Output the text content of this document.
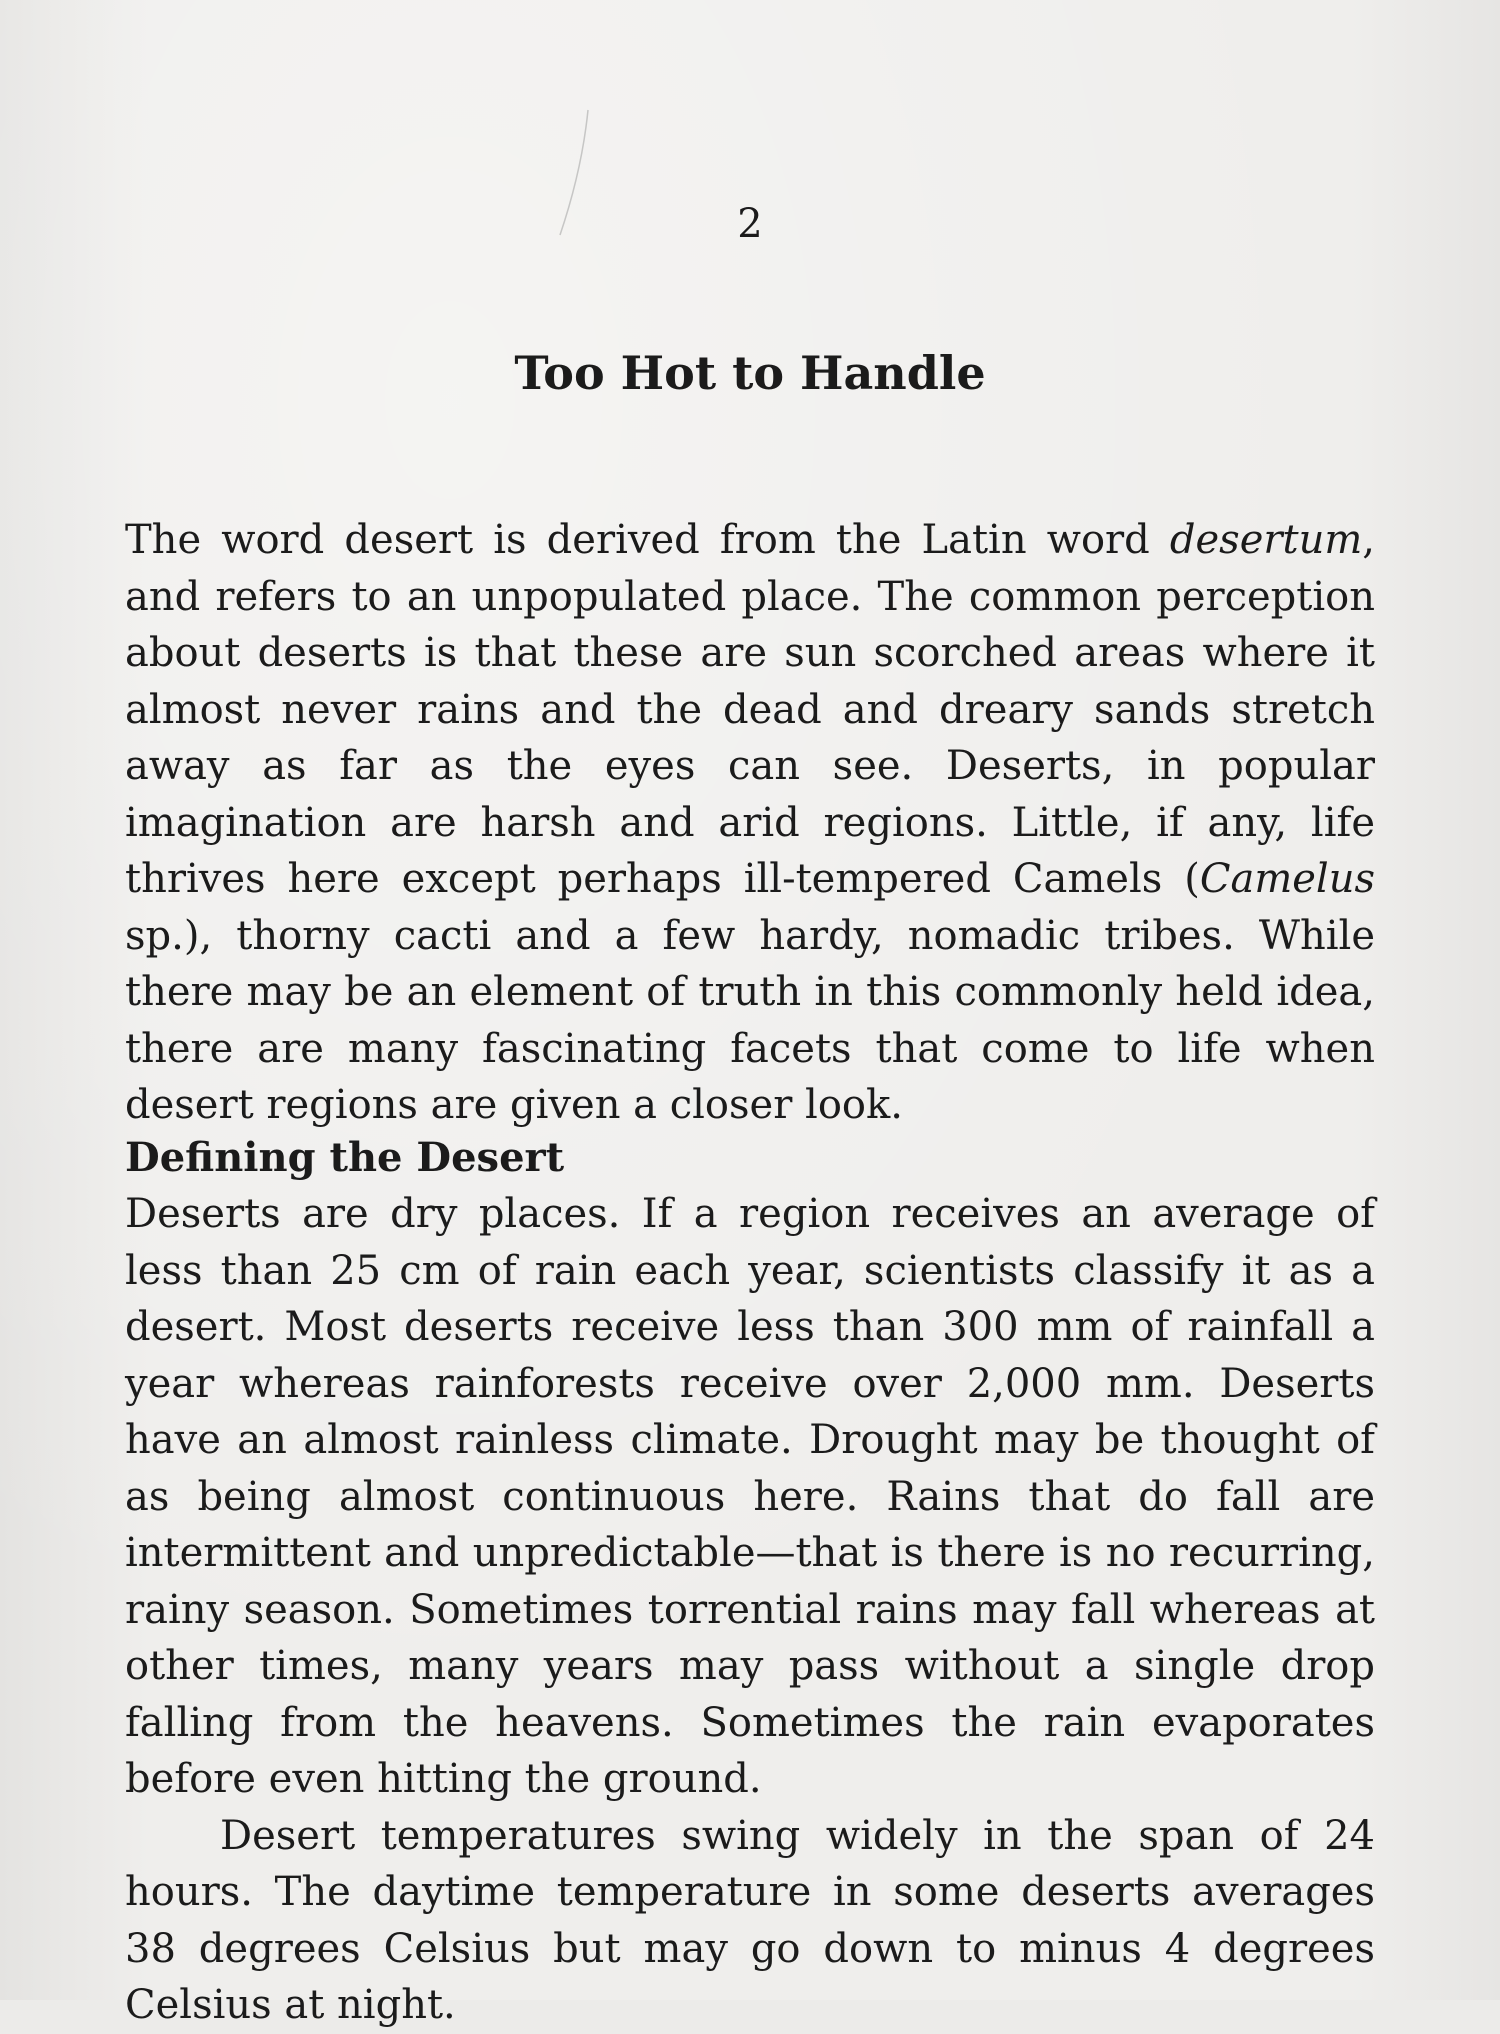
2
Too Hot to Handle

The word desert is derived from the Latin word desertum, and refers to an unpopulated place. The common perception about deserts is that these are sun scorched areas where it almost never rains and the dead and dreary sands stretch away as far as the eyes can see. Deserts, in popular imagination are harsh and arid regions. Little, if any, life thrives here except perhaps ill-tempered Camels (Camelus sp.), thorny cacti and a few hardy, nomadic tribes. While there may be an element of truth in this commonly held idea, there are many fascinating facets that come to life when desert regions are given a closer look.

Defining the Desert

Deserts are dry places. If a region receives an average of less than 25 cm of rain each year, scientists classify it as a desert. Most deserts receive less than 300 mm of rainfall a year whereas rainforests receive over 2,000 mm. Deserts have an almost rainless climate. Drought may be thought of as being almost continuous here. Rains that do fall are intermittent and unpredictable—that is there is no recurring, rainy season. Sometimes torrential rains may fall whereas at other times, many years may pass without a single drop falling from the heavens. Sometimes the rain evaporates before even hitting the ground.

Desert temperatures swing widely in the span of 24 hours. The daytime temperature in some deserts averages 38 degrees Celsius but may go down to minus 4 degrees Celsius at night.
